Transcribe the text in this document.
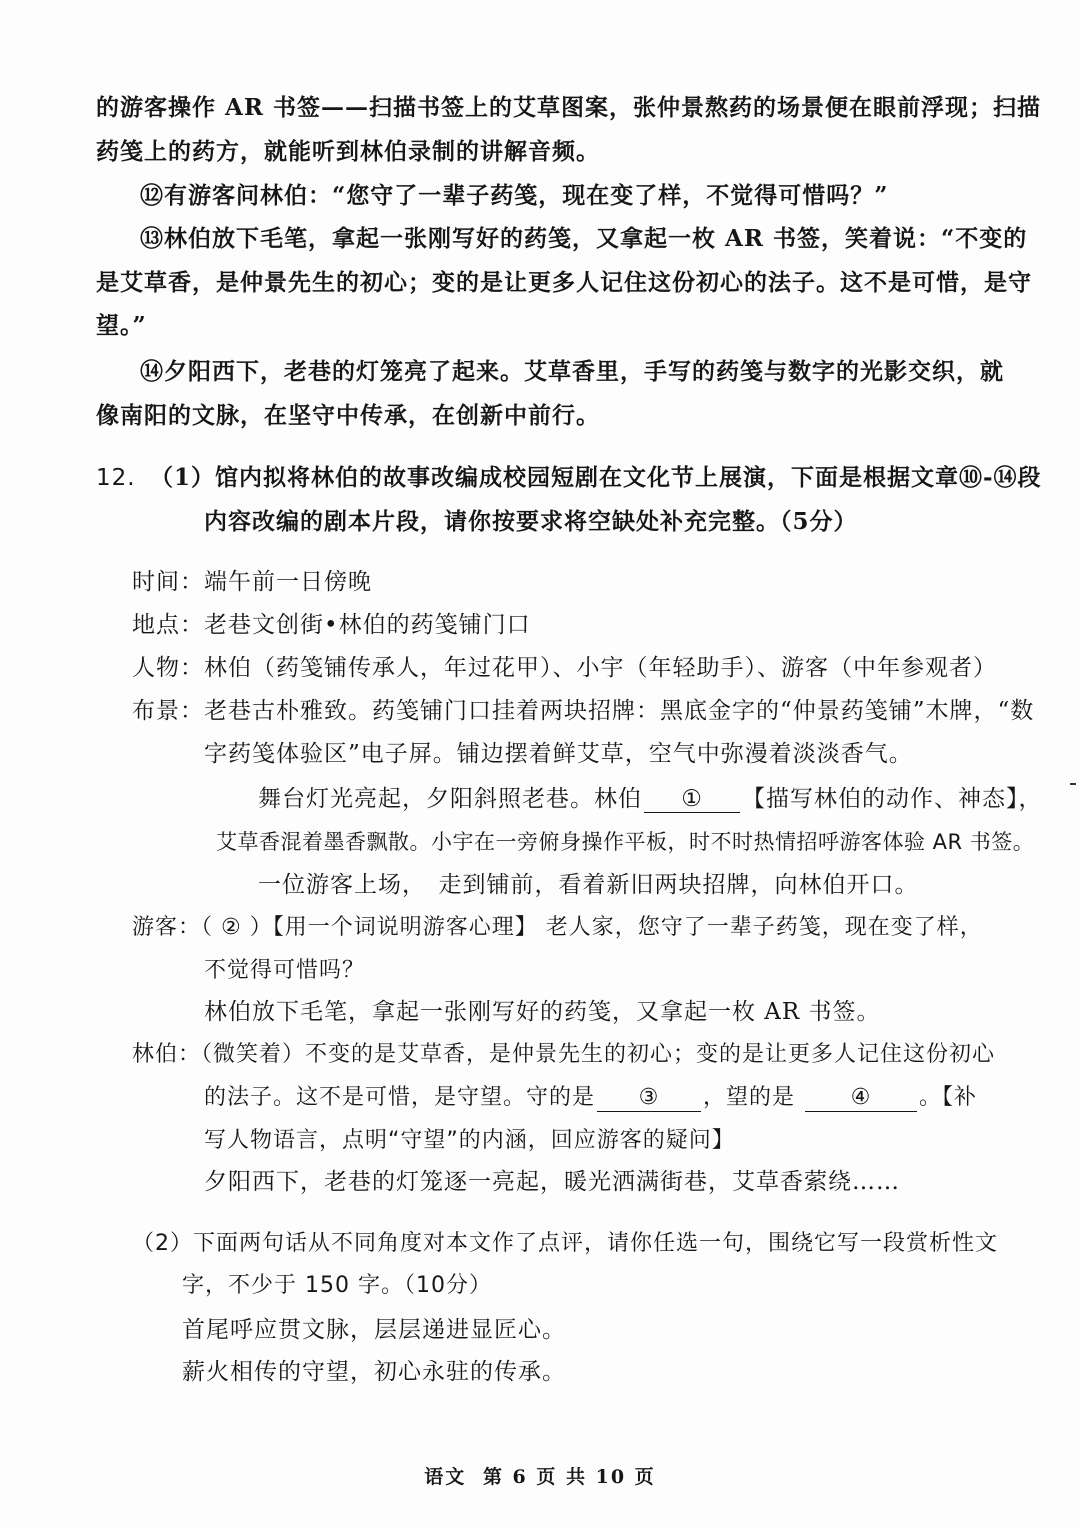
的游客操作 AR 书签——扫描书签上的艾草图案，张仲景熬药的场景便在眼前浮现；扫描
药笺上的药方，就能听到林伯录制的讲解音频。
⑫有游客问林伯：“您守了一辈子药笺，现在变了样，不觉得可惜吗？”
⑬林伯放下毛笔，拿起一张刚写好的药笺，又拿起一枚 AR 书签，笑着说：“不变的
是艾草香，是仲景先生的初心；变的是让更多人记住这份初心的法子。这不是可惜，是守
望。”
⑭夕阳西下，老巷的灯笼亮了起来。艾草香里，手写的药笺与数字的光影交织，就
像南阳的文脉，在坚守中传承，在创新中前行。
12. （1）馆内拟将林伯的故事改编成校园短剧在文化节上展演，下面是根据文章⑩-⑭段
内容改编的剧本片段，请你按要求将空缺处补充完整。（5分）
时间：端午前一日傍晚
地点：老巷文创街•林伯的药笺铺门口
人物：林伯（药笺铺传承人，年过花甲）、小宇（年轻助手）、游客（中年参观者）
布景：老巷古朴雅致。药笺铺门口挂着两块招牌：黑底金字的“仲景药笺铺”木牌，“数
字药笺体验区”电子屏。铺边摆着鲜艾草，空气中弥漫着淡淡香气。
舞台灯光亮起，夕阳斜照老巷。林伯 ① 【描写林伯的动作、神态】，
艾草香混着墨香飘散。小宇在一旁俯身操作平板，时不时热情招呼游客体验 AR 书签。
一位游客上场，　走到铺前，看着新旧两块招牌，向林伯开口。
游客：（ ② ）【用一个词说明游客心理】 老人家，您守了一辈子药笺，现在变了样，
不觉得可惜吗？
林伯放下毛笔，拿起一张刚写好的药笺，又拿起一枚 AR 书签。
林伯：（微笑着）不变的是艾草香，是仲景先生的初心；变的是让更多人记住这份初心
的法子。这不是可惜，是守望。守的是 ③ ，望的是	④ 。【补
写人物语言，点明“守望”的内涵，回应游客的疑问】
夕阳西下，老巷的灯笼逐一亮起，暖光洒满街巷，艾草香萦绕……
（2）下面两句话从不同角度对本文作了点评，请你任选一句，围绕它写一段赏析性文
字，不少于 150 字。（10分）
首尾呼应贯文脉，层层递进显匠心。
薪火相传的守望，初心永驻的传承。
语文 第 6 页 共 10 页
